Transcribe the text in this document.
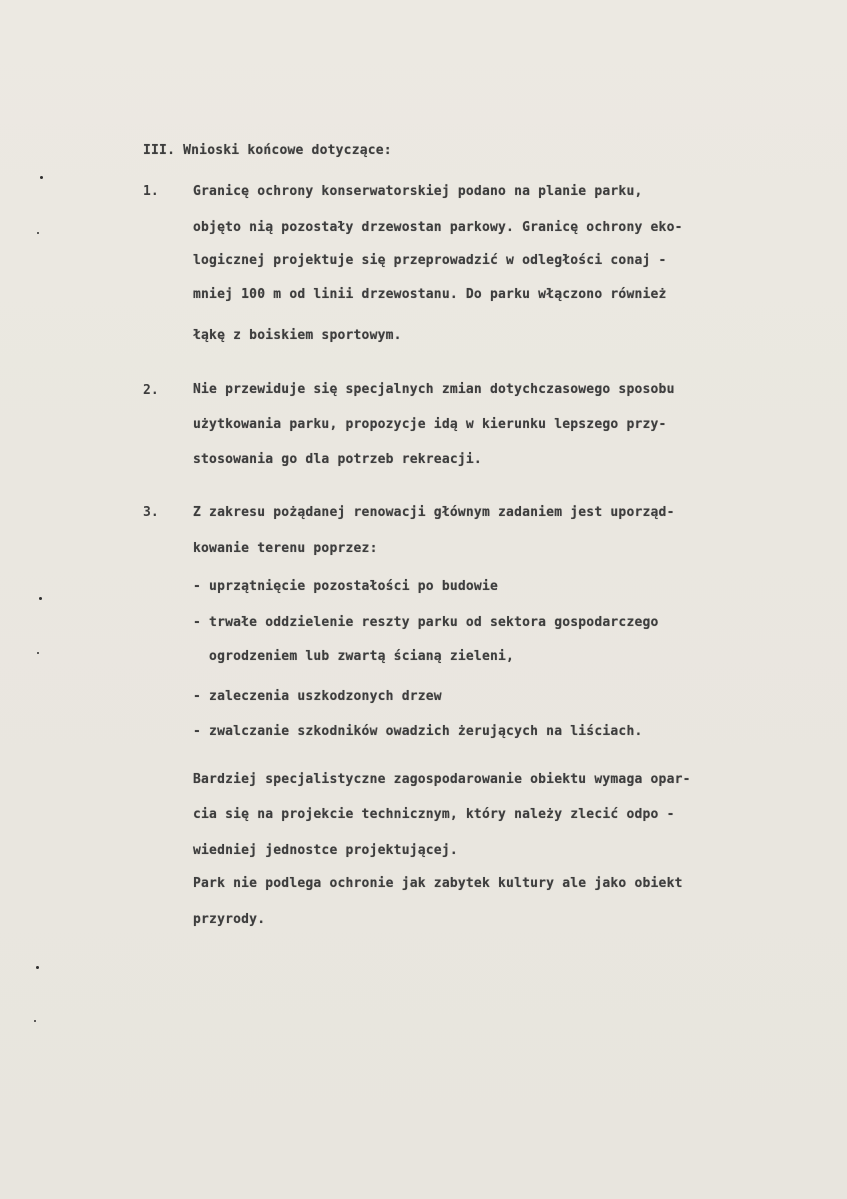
III. Wnioski końcowe dotyczące:
1.	Granicę ochrony konserwatorskiej podano na planie parku,
objęto nią pozostały drzewostan parkowy. Granicę ochrony eko-
logicznej projektuje się przeprowadzić w odległości conaj -
mniej 100 m od linii drzewostanu. Do parku włączono również
łąkę z boiskiem sportowym.
2.	Nie przewiduje się specjalnych zmian dotychczasowego sposobu
użytkowania parku, propozycje idą w kierunku lepszego przy-
stosowania go dla potrzeb rekreacji.
3.	Z zakresu pożądanej renowacji głównym zadaniem jest uporząd-
kowanie terenu poprzez:
- uprzątnięcie pozostałości po budowie
- trwałe oddzielenie reszty parku od sektora gospodarczego
ogrodzeniem lub zwartą ścianą zieleni,
- zaleczenia uszkodzonych drzew
- zwalczanie szkodników owadzich żerujących na liściach.
Bardziej specjalistyczne zagospodarowanie obiektu wymaga opar-
cia się na projekcie technicznym, który należy zlecić odpo -
wiedniej jednostce projektującej.
Park nie podlega ochronie jak zabytek kultury ale jako obiekt
przyrody.
